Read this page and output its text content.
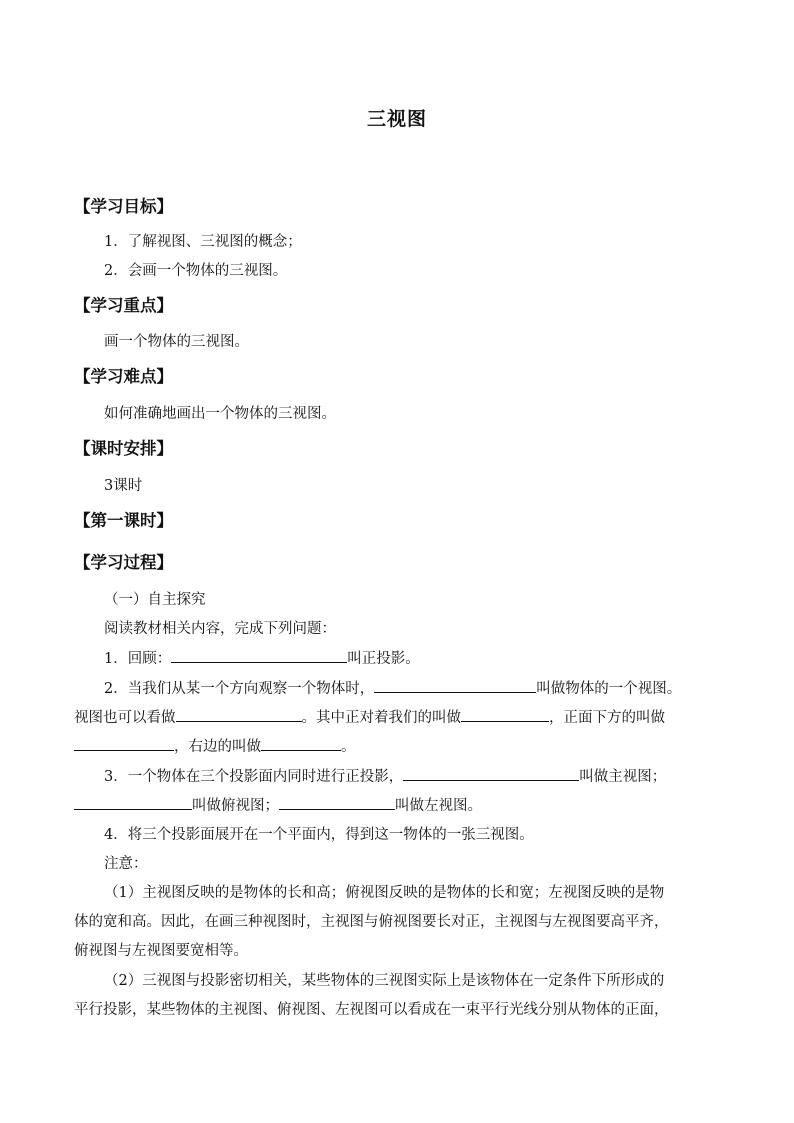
三视图
【学习目标】
1．了解视图、三视图的概念；
2．会画一个物体的三视图。
【学习重点】
画一个物体的三视图。
【学习难点】
如何准确地画出一个物体的三视图。
【课时安排】
3课时
【第一课时】
【学习过程】
（一）自主探究
阅读教材相关内容，完成下列问题：
1．回顾：	叫正投影。
2．当我们从某一个方向观察一个物体时，	叫做物体的一个视图。
视图也可以看做	。其中正对着我们的叫做	，正面下方的叫做
，右边的叫做	。
3．一个物体在三个投影面内同时进行正投影，	叫做主视图；
叫做俯视图；	叫做左视图。
4．将三个投影面展开在一个平面内，得到这一物体的一张三视图。
注意：
（1）主视图反映的是物体的长和高；俯视图反映的是物体的长和宽；左视图反映的是物
体的宽和高。因此，在画三种视图时，主视图与俯视图要长对正，主视图与左视图要高平齐，
俯视图与左视图要宽相等。
（2）三视图与投影密切相关，某些物体的三视图实际上是该物体在一定条件下所形成的
平行投影，某些物体的主视图、俯视图、左视图可以看成在一束平行光线分别从物体的正面，
